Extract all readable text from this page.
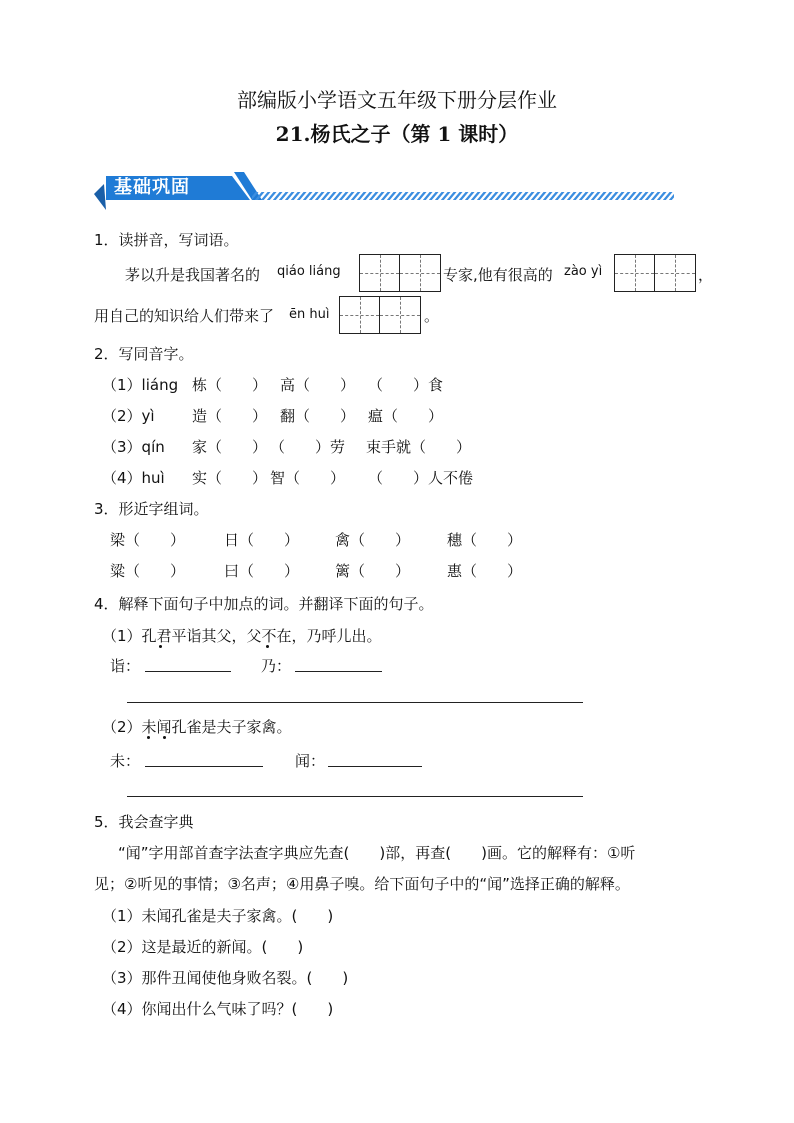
部编版小学语文五年级下册分层作业
21.杨氏之子（第 1 课时）
基础巩固
1．读拼音，写词语。
茅以升是我国著名的 qiáo liáng	专家,他有很高的 zào yì	，
用自己的知识给人们带来了 ēn huì	。
2．写同音字。
（1）liáng 栋（　　） 高（　　） （　　）食
（2）yì 造（　　） 翻（　　） 瘟（　　）
（3）qín 家（　　） （　　）劳 束手就（　　）
（4）huì 实（　　） 智（　　） （　　）人不倦
3．形近字组词。
梁（　　）	日（　　） 禽（　　） 穗（　　）
粱（　　）	曰（　　） 篱（　　） 惠（　　）
4．解释下面句子中加点的词。并翻译下面的句子。
（1）孔君平诣其父，父不在，乃呼儿出。
诣：	乃：
（2）未闻孔雀是夫子家禽。
未：	闻：
5．我会查字典
“闻”字用部首查字法查字典应先查(　　)部，再查(　　)画。它的解释有：①听
见；②听见的事情；③名声；④用鼻子嗅。给下面句子中的“闻”选择正确的解释。
（1）未闻孔雀是夫子家禽。(　　)
（2）这是最近的新闻。(　　)
（3）那件丑闻使他身败名裂。(　　)
（4）你闻出什么气味了吗？(　　)
